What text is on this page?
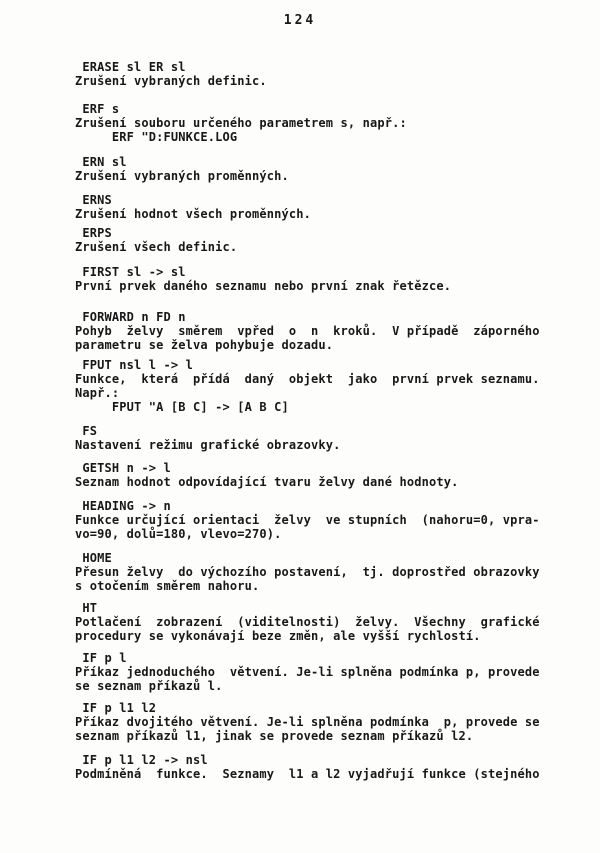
124
ERASE sl ER sl
Zrušení vybraných definic.
ERF s
Zrušení souboru určeného parametrem s, např.:
ERF "D:FUNKCE.LOG
ERN sl
Zrušení vybraných proměnných.
ERNS
Zrušení hodnot všech proměnných.
ERPS
Zrušení všech definic.
FIRST sl -> sl
První prvek daného seznamu nebo první znak řetězce.
FORWARD n FD n
Pohyb  želvy  směrem  vpřed  o  n  kroků.  V případě  záporného
parametru se želva pohybuje dozadu.
FPUT nsl l -> l
Funkce,  která  přídá  daný  objekt  jako  první prvek seznamu.
Např.:
FPUT "A [B C] -> [A B C]
FS
Nastavení režimu grafické obrazovky.
GETSH n -> l
Seznam hodnot odpovídající tvaru želvy dané hodnoty.
HEADING -> n
Funkce určující orientaci  želvy  ve stupních  (nahoru=0, vpra-
vo=90, dolů=180, vlevo=270).
HOME
Přesun želvy  do výchozího postavení,  tj. doprostřed obrazovky
s otočením směrem nahoru.
HT
Potlačení  zobrazení  (viditelnosti)  želvy.  Všechny  grafické
procedury se vykonávají beze změn, ale vyšší rychlostí.
IF p l
Příkaz jednoduchého  větvení. Je-li splněna podmínka p, provede
se seznam příkazů l.
IF p l1 l2
Příkaz dvojitého větvení. Je-li splněna podmínka  p, provede se
seznam příkazů l1, jinak se provede seznam příkazů l2.
IF p l1 l2 -> nsl
Podmíněná  funkce.  Seznamy  l1 a l2 vyjadřují funkce (stejného
